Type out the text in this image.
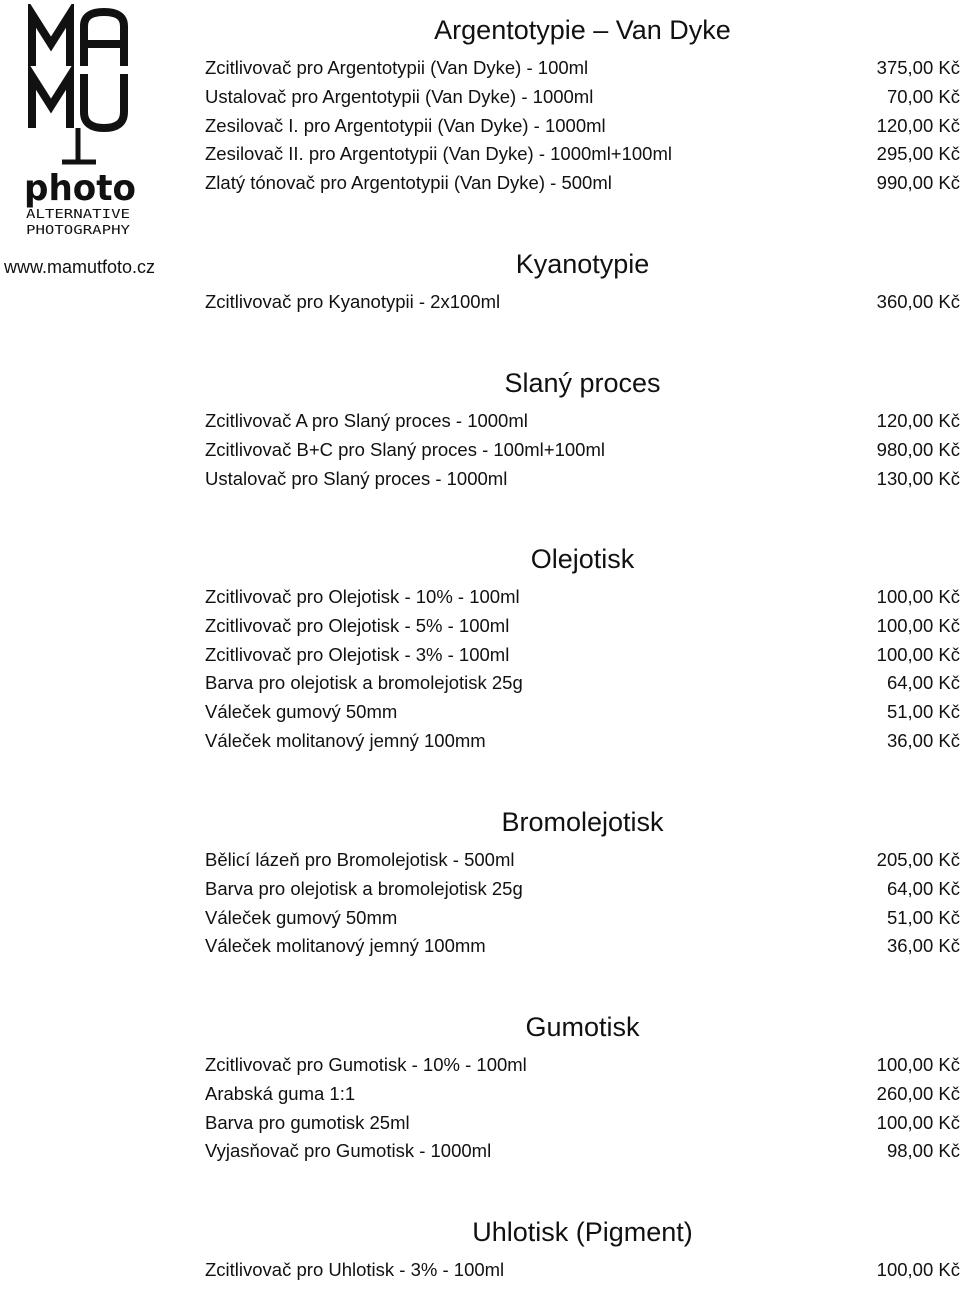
photo
ALTERNATIVE
PHOTOGRAPHY
www.mamutfoto.cz
Argentotypie – Van Dyke
Zcitlivovač pro Argentotypii (Van Dyke) - 100ml	375,00 Kč
Ustalovač pro Argentotypii (Van Dyke) - 1000ml	70,00 Kč
Zesilovač I. pro Argentotypii (Van Dyke) - 1000ml	120,00 Kč
Zesilovač II. pro Argentotypii (Van Dyke) - 1000ml+100ml	295,00 Kč
Zlatý tónovač pro Argentotypii (Van Dyke) - 500ml	990,00 Kč
Kyanotypie
Zcitlivovač pro Kyanotypii - 2x100ml	360,00 Kč
Slaný proces
Zcitlivovač A pro Slaný proces - 1000ml	120,00 Kč
Zcitlivovač B+C pro Slaný proces - 100ml+100ml	980,00 Kč
Ustalovač pro Slaný proces - 1000ml	130,00 Kč
Olejotisk
Zcitlivovač pro Olejotisk - 10% - 100ml	100,00 Kč
Zcitlivovač pro Olejotisk - 5% - 100ml	100,00 Kč
Zcitlivovač pro Olejotisk - 3% - 100ml	100,00 Kč
Barva pro olejotisk a bromolejotisk 25g	64,00 Kč
Váleček gumový 50mm	51,00 Kč
Váleček molitanový jemný 100mm	36,00 Kč
Bromolejotisk
Bělicí lázeň pro Bromolejotisk - 500ml	205,00 Kč
Barva pro olejotisk a bromolejotisk 25g	64,00 Kč
Váleček gumový 50mm	51,00 Kč
Váleček molitanový jemný 100mm	36,00 Kč
Gumotisk
Zcitlivovač pro Gumotisk - 10% - 100ml	100,00 Kč
Arabská guma 1:1	260,00 Kč
Barva pro gumotisk 25ml	100,00 Kč
Vyjasňovač pro Gumotisk - 1000ml	98,00 Kč
Uhlotisk (Pigment)
Zcitlivovač pro Uhlotisk - 3% - 100ml	100,00 Kč
